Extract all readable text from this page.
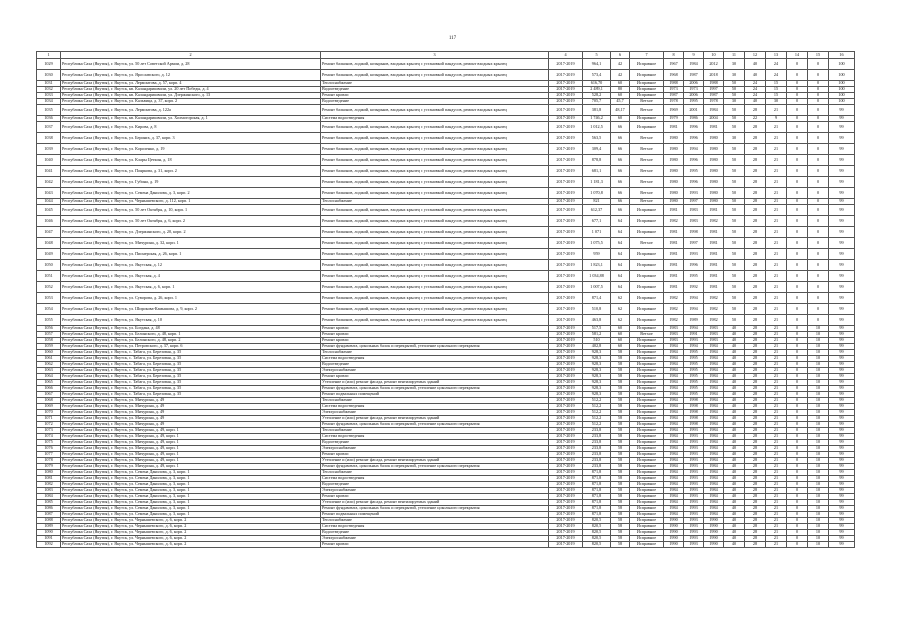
117
1	2	3	4	5	6	7	8	9	10	11	12	13	14	15	16
1029	Республика Саха (Якутия), г. Якутск, ул. 50 лет Советской Армии, д. 28	Ремонт балконов, лоджий, козырьков, входных крылец с установкой пандусов, ремонт входных крылец	2017-2019	964,1	42	Исправное	1967	1984	2012	30	40	24	0	0	100
1030	Республика Саха (Якутия), г. Якутск, ул. Ярославского, д. 12	Ремонт балконов, лоджий, козырьков, входных крылец с установкой пандусов, ремонт входных крылец	2017-2019	573,4	42	Исправное	1968	1987	2018	30	40	24	0	0	100
1031	Республика Саха (Якутия), г. Якутск, ул. Лермонтова, д. 57, корп. 4	Теплоснабжение	2017-2019	616,70	60	Исправное	1988	2006	1988	50	24	15	0	0	100
1032	Республика Саха (Якутия), г. Якутск, кв. Каландаришвили, ул. 20 лет Победы, д. 4	Водоотведение	2017-2019	2 489,1	80	Исправное	1973	1973	1997	50	24	15	0	0	100
1033	Республика Саха (Якутия), г. Якутск, кв. Каландаришвили, ул. Дзержинского, д. 13	Ремонт кровли	2017-2019	528,2	60	Исправное	1987	2006	1987	50	24	15	0	0	100
1034	Республика Саха (Якутия), г. Якутск, ул. Кальвица, д. 37, корп. 2	Водоотведение	2017-2019	705,7	45,7	Ветхое	1978	1995	1978	30	40	30	0	0	100
1035	Республика Саха (Якутия), г. Якутск, ул. Лермонтова, д. 122а	Ремонт балконов, лоджий, козырьков, входных крылец с установкой пандусов, ремонт входных крылец	2017-2019	381,8	48,17	Ветхое	1969	2001	1984	50	28	21	0	0	99
1036	Республика Саха (Якутия), г. Якутск, кв. Каландаришвили, ул. Холмогорская, д. 1	Система водоотведения	2017-2019	1 746,2	60	Исправное	1979	1986	2004	50	22	9	0	0	99
1037	Республика Саха (Якутия), г. Якутск, ул. Кирова, д. 8	Ремонт балконов, лоджий, козырьков, входных крылец с установкой пандусов, ремонт входных крылец	2017-2019	1 012,5	66	Исправное	1981	1996	1981	50	28	21	0	0	99
1038	Республика Саха (Якутия), г. Якутск, ул. Беринга, д. 37, корп. 3	Ремонт балконов, лоджий, козырьков, входных крылец с установкой пандусов, ремонт входных крылец	2017-2019	563,5	66	Ветхое	1980	1996	1980	30	28	21	0	0	99
1039	Республика Саха (Якутия), г. Якутск, ул. Короленко, д. 19	Ремонт балконов, лоджий, козырьков, входных крылец с установкой пандусов, ремонт входных крылец	2017-2019	309,4	66	Ветхое	1980	1994	1980	50	28	21	0	0	99
1040	Республика Саха (Якутия), г. Якутск, ул. Клары Цеткин, д. 18	Ремонт балконов, лоджий, козырьков, входных крылец с установкой пандусов, ремонт входных крылец	2017-2019	878,8	66	Ветхое	1980	1996	1980	50	28	21	0	0	99
1041	Республика Саха (Якутия), г. Якутск, ул. Пояркова, д. 31, корп. 2	Ремонт балконов, лоджий, козырьков, входных крылец с установкой пандусов, ремонт входных крылец	2017-2019	681,1	66	Ветхое	1980	1995	1980	50	28	21	0	0	99
1042	Республика Саха (Якутия), г. Якутск, ул. Губина, д. 19	Ремонт балконов, лоджий, козырьков, входных крылец с установкой пандусов, ремонт входных крылец	2017-2019	1 181,3	66	Ветхое	1980	1996	1980	50	28	21	0	0	99
1043	Республика Саха (Якутия), г. Якутск, ул. Семена Данилова, д. 3, корп. 2	Ремонт балконов, лоджий, козырьков, входных крылец с установкой пандусов, ремонт входных крылец	2017-2019	1 070,8	66	Ветхое	1980	1993	1980	50	28	21	0	0	99
1044	Республика Саха (Якутия), г. Якутск, ул. Чернышевского, д. 112, корп. 1	Теплоснабжение	2017-2019	821	66	Ветхое	1980	1997	1980	50	28	21	0	0	99
1045	Республика Саха (Якутия), г. Якутск, ул. 50 лет Октября, д. 10, корп. 1	Ремонт балконов, лоджий, козырьков, входных крылец с установкой пандусов, ремонт входных крылец	2017-2019	612,37	66	Исправное	1981	1983	1981	50	28	21	0	0	99
1046	Республика Саха (Якутия), г. Якутск, ул. 50 лет Октября, д. 6, корп. 2	Ремонт балконов, лоджий, козырьков, входных крылец с установкой пандусов, ремонт входных крылец	2017-2019	677,1	64	Исправное	1982	1983	1982	50	28	21	0	0	99
1047	Республика Саха (Якутия), г. Якутск, ул. Дзержинского, д. 20, корп. 2	Ремонт балконов, лоджий, козырьков, входных крылец с установкой пандусов, ремонт входных крылец	2017-2019	1 071	64	Исправное	1981	1998	1981	50	28	21	0	0	99
1048	Республика Саха (Якутия), г. Якутск, ул. Мичурина, д. 32, корп. 1	Ремонт балконов, лоджий, козырьков, входных крылец с установкой пандусов, ремонт входных крылец	2017-2019	1 075,5	64	Ветхое	1981	1997	1981	50	28	21	0	0	99
1049	Республика Саха (Якутия), г. Якутск, ул. Пионерская, д. 26, корп. 1	Ремонт балконов, лоджий, козырьков, входных крылец с установкой пандусов, ремонт входных крылец	2017-2019	959	64	Исправное	1981	1993	1981	50	28	21	0	0	99
1050	Республика Саха (Якутия), г. Якутск, ул. Якутская, д. 12	Ремонт балконов, лоджий, козырьков, входных крылец с установкой пандусов, ремонт входных крылец	2017-2019	1 823,1	64	Исправное	1981	1996	1981	50	28	21	0	0	99
1051	Республика Саха (Якутия), г. Якутск, ул. Якутская, д. 4	Ремонт балконов, лоджий, козырьков, входных крылец с установкой пандусов, ремонт входных крылец	2017-2019	1 034,88	64	Исправное	1981	1995	1981	50	28	21	0	0	99
1052	Республика Саха (Якутия), г. Якутск, ул. Якутская, д. 6, корп. 1	Ремонт балконов, лоджий, козырьков, входных крылец с установкой пандусов, ремонт входных крылец	2017-2019	1 007,5	64	Исправное	1981	1992	1981	50	28	21	0	0	99
1053	Республика Саха (Якутия), г. Якутск, ул. Суворова, д. 26, корп. 1	Ремонт балконов, лоджий, козырьков, входных крылец с установкой пандусов, ремонт входных крылец	2017-2019	871,4	62	Исправное	1982	1994	1982	50	28	21	0	0	99
1054	Республика Саха (Якутия), г. Якутск, ул. Широкова-Камышова, д. 9, корп. 2	Ремонт балконов, лоджий, козырьков, входных крылец с установкой пандусов, ремонт входных крылец	2017-2019	510,8	62	Исправное	1982	1994	1982	50	28	21	0	0	99
1055	Республика Саха (Якутия), г. Якутск, ул. Якутская, д. 10	Ремонт балконов, лоджий, козырьков, входных крылец с установкой пандусов, ремонт входных крылец	2017-2019	463,8	62	Исправное	1982	1989	1982	50	28	21	0	0	99
1056	Республика Саха (Якутия), г. Якутск, ул. Богдана, д. 48	Ремонт кровли	2017-2019	517,5	60	Исправное	1983	1994	1983	40	28	21	0	10	99
1057	Республика Саха (Якутия), г. Якутск, ул. Белинского, д. 48, корп. 1	Ремонт кровли	2017-2019	581,2	60	Ветхое	1983	1991	1983	40	28	21	0	10	99
1058	Республика Саха (Якутия), г. Якутск, ул. Белинского, д. 48, корп. 2	Ремонт кровли	2017-2019	510	60	Исправное	1983	1993	1983	40	28	21	0	10	99
1059	Республика Саха (Якутия), г. Якутск, ул. Петровского, д. 37, корп. 6	Ремонт фундамента, цокольных балок и перекрытий, утепление цокольного перекрытия	2017-2019	402,8	60	Исправное	1984	1994	1984	40	28	21	0	10	99
1060	Республика Саха (Якутия), г. Якутск, с. Табага, ул. Березовая, д. 35	Теплоснабжение	2017-2019	928,3	58	Исправное	1984	1995	1984	40	28	21	0	10	99
1061	Республика Саха (Якутия), г. Якутск, с. Табага, ул. Березовая, д. 35	Система водоотведения	2017-2019	928,3	58	Исправное	1984	1995	1984	40	28	21	0	10	99
1062	Республика Саха (Якутия), г. Якутск, с. Табага, ул. Березовая, д. 35	Водоотведение	2017-2019	928,3	58	Исправное	1984	1995	1984	40	28	21	0	10	99
1063	Республика Саха (Якутия), г. Якутск, с. Табага, ул. Березовая, д. 35	Электроснабжение	2017-2019	928,3	58	Исправное	1984	1995	1984	40	28	21	0	10	99
1064	Республика Саха (Якутия), г. Якутск, с. Табага, ул. Березовая, д. 35	Ремонт кровли	2017-2019	928,3	58	Исправное	1984	1995	1984	40	28	21	0	10	99
1065	Республика Саха (Якутия), г. Якутск, с. Табага, ул. Березовая, д. 35	Утепление и (или) ремонт фасада, ремонт вентилируемых зданий	2017-2019	928,3	58	Исправное	1984	1995	1984	40	28	21	0	10	99
1066	Республика Саха (Якутия), г. Якутск, с. Табага, ул. Березовая, д. 35	Ремонт фундамента, цокольных балок и перекрытий, утепление цокольного перекрытия	2017-2019	928,3	58	Исправное	1984	1995	1984	40	28	21	0	10	99
1067	Республика Саха (Якутия), г. Якутск, с. Табага, ул. Березовая, д. 35	Ремонт подвальных помещений	2017-2019	928,3	58	Исправное	1984	1995	1984	40	28	21	0	10	99
1068	Республика Саха (Якутия), г. Якутск, ул. Мичурина, д. 49	Теплоснабжение	2017-2019	512,2	58	Исправное	1984	1998	1984	40	28	21	0	10	99
1069	Республика Саха (Якутия), г. Якутск, ул. Мичурина, д. 49	Система водоотведения	2017-2019	512,2	58	Исправное	1984	1998	1984	40	28	21	0	10	99
1070	Республика Саха (Якутия), г. Якутск, ул. Мичурина, д. 49	Электроснабжение	2017-2019	512,2	58	Исправное	1984	1998	1984	40	28	21	0	10	99
1071	Республика Саха (Якутия), г. Якутск, ул. Мичурина, д. 49	Утепление и (или) ремонт фасада, ремонт вентилируемых зданий	2017-2019	512,2	58	Исправное	1984	1998	1984	40	28	21	0	10	99
1072	Республика Саха (Якутия), г. Якутск, ул. Мичурина, д. 49	Ремонт фундамента, цокольных балок и перекрытий, утепление цокольного перекрытия	2017-2019	512,2	58	Исправное	1984	1998	1984	40	28	21	0	10	99
1073	Республика Саха (Якутия), г. Якутск, ул. Мичурина, д. 49, корп. 1	Теплоснабжение	2017-2019	233,8	58	Исправное	1984	1993	1984	40	28	21	0	10	99
1074	Республика Саха (Якутия), г. Якутск, ул. Мичурина, д. 49, корп. 1	Система водоотведения	2017-2019	233,8	58	Исправное	1984	1993	1984	40	28	21	0	10	99
1075	Республика Саха (Якутия), г. Якутск, ул. Мичурина, д. 49, корп. 1	Водоотведение	2017-2019	233,8	58	Исправное	1984	1993	1984	40	28	21	0	10	99
1076	Республика Саха (Якутия), г. Якутск, ул. Мичурина, д. 49, корп. 1	Электроснабжение	2017-2019	233,8	58	Исправное	1984	1993	1984	40	28	21	0	10	99
1077	Республика Саха (Якутия), г. Якутск, ул. Мичурина, д. 49, корп. 1	Ремонт кровли	2017-2019	233,8	58	Исправное	1984	1993	1984	40	28	21	0	10	99
1078	Республика Саха (Якутия), г. Якутск, ул. Мичурина, д. 49, корп. 1	Утепление и (или) ремонт фасада, ремонт вентилируемых зданий	2017-2019	233,8	58	Исправное	1984	1993	1984	40	28	21	0	10	99
1079	Республика Саха (Якутия), г. Якутск, ул. Мичурина, д. 49, корп. 1	Ремонт фундамента, цокольных балок и перекрытий, утепление цокольного перекрытия	2017-2019	233,8	58	Исправное	1984	1993	1984	40	28	21	0	10	99
1080	Республика Саха (Якутия), г. Якутск, ул. Семена Данилова, д. 3, корп. 1	Теплоснабжение	2017-2019	871,8	58	Исправное	1984	1993	1984	40	28	21	0	10	99
1081	Республика Саха (Якутия), г. Якутск, ул. Семена Данилова, д. 3, корп. 1	Система водоотведения	2017-2019	871,8	58	Исправное	1984	1993	1984	40	28	21	0	10	99
1082	Республика Саха (Якутия), г. Якутск, ул. Семена Данилова, д. 3, корп. 1	Водоотведение	2017-2019	871,8	58	Исправное	1984	1993	1984	40	28	21	0	10	99
1083	Республика Саха (Якутия), г. Якутск, ул. Семена Данилова, д. 3, корп. 1	Электроснабжение	2017-2019	871,8	58	Исправное	1984	1993	1984	40	28	21	0	10	99
1084	Республика Саха (Якутия), г. Якутск, ул. Семена Данилова, д. 3, корп. 1	Ремонт кровли	2017-2019	871,8	58	Исправное	1984	1993	1984	40	28	21	0	10	99
1085	Республика Саха (Якутия), г. Якутск, ул. Семена Данилова, д. 3, корп. 1	Утепление и (или) ремонт фасада, ремонт вентилируемых зданий	2017-2019	871,8	58	Исправное	1984	1993	1984	40	28	21	0	10	99
1086	Республика Саха (Якутия), г. Якутск, ул. Семена Данилова, д. 3, корп. 1	Ремонт фундамента, цокольных балок и перекрытий, утепление цокольного перекрытия	2017-2019	871,8	58	Исправное	1984	1993	1984	40	28	21	0	10	99
1087	Республика Саха (Якутия), г. Якутск, ул. Семена Данилова, д. 3, корп. 1	Ремонт подвальных помещений	2017-2019	871,8	58	Исправное	1984	1993	1984	40	28	21	0	10	99
1088	Республика Саха (Якутия), г. Якутск, ул. Чернышевского, д. 6, корп. 2	Теплоснабжение	2017-2019	820,5	58	Исправное	1990	1993	1990	40	28	21	0	10	99
1089	Республика Саха (Якутия), г. Якутск, ул. Чернышевского, д. 6, корп. 2	Система водоотведения	2017-2019	820,5	58	Исправное	1990	1993	1990	40	28	21	0	10	99
1090	Республика Саха (Якутия), г. Якутск, ул. Чернышевского, д. 6, корп. 2	Водоотведение	2017-2019	820,5	58	Исправное	1990	1993	1990	40	28	21	0	10	99
1091	Республика Саха (Якутия), г. Якутск, ул. Чернышевского, д. 6, корп. 2	Электроснабжение	2017-2019	820,5	58	Исправное	1990	1993	1990	40	28	21	0	10	99
1092	Республика Саха (Якутия), г. Якутск, ул. Чернышевского, д. 6, корп. 2	Ремонт кровли	2017-2019	820,5	58	Исправное	1990	1993	1990	40	28	21	0	10	99
